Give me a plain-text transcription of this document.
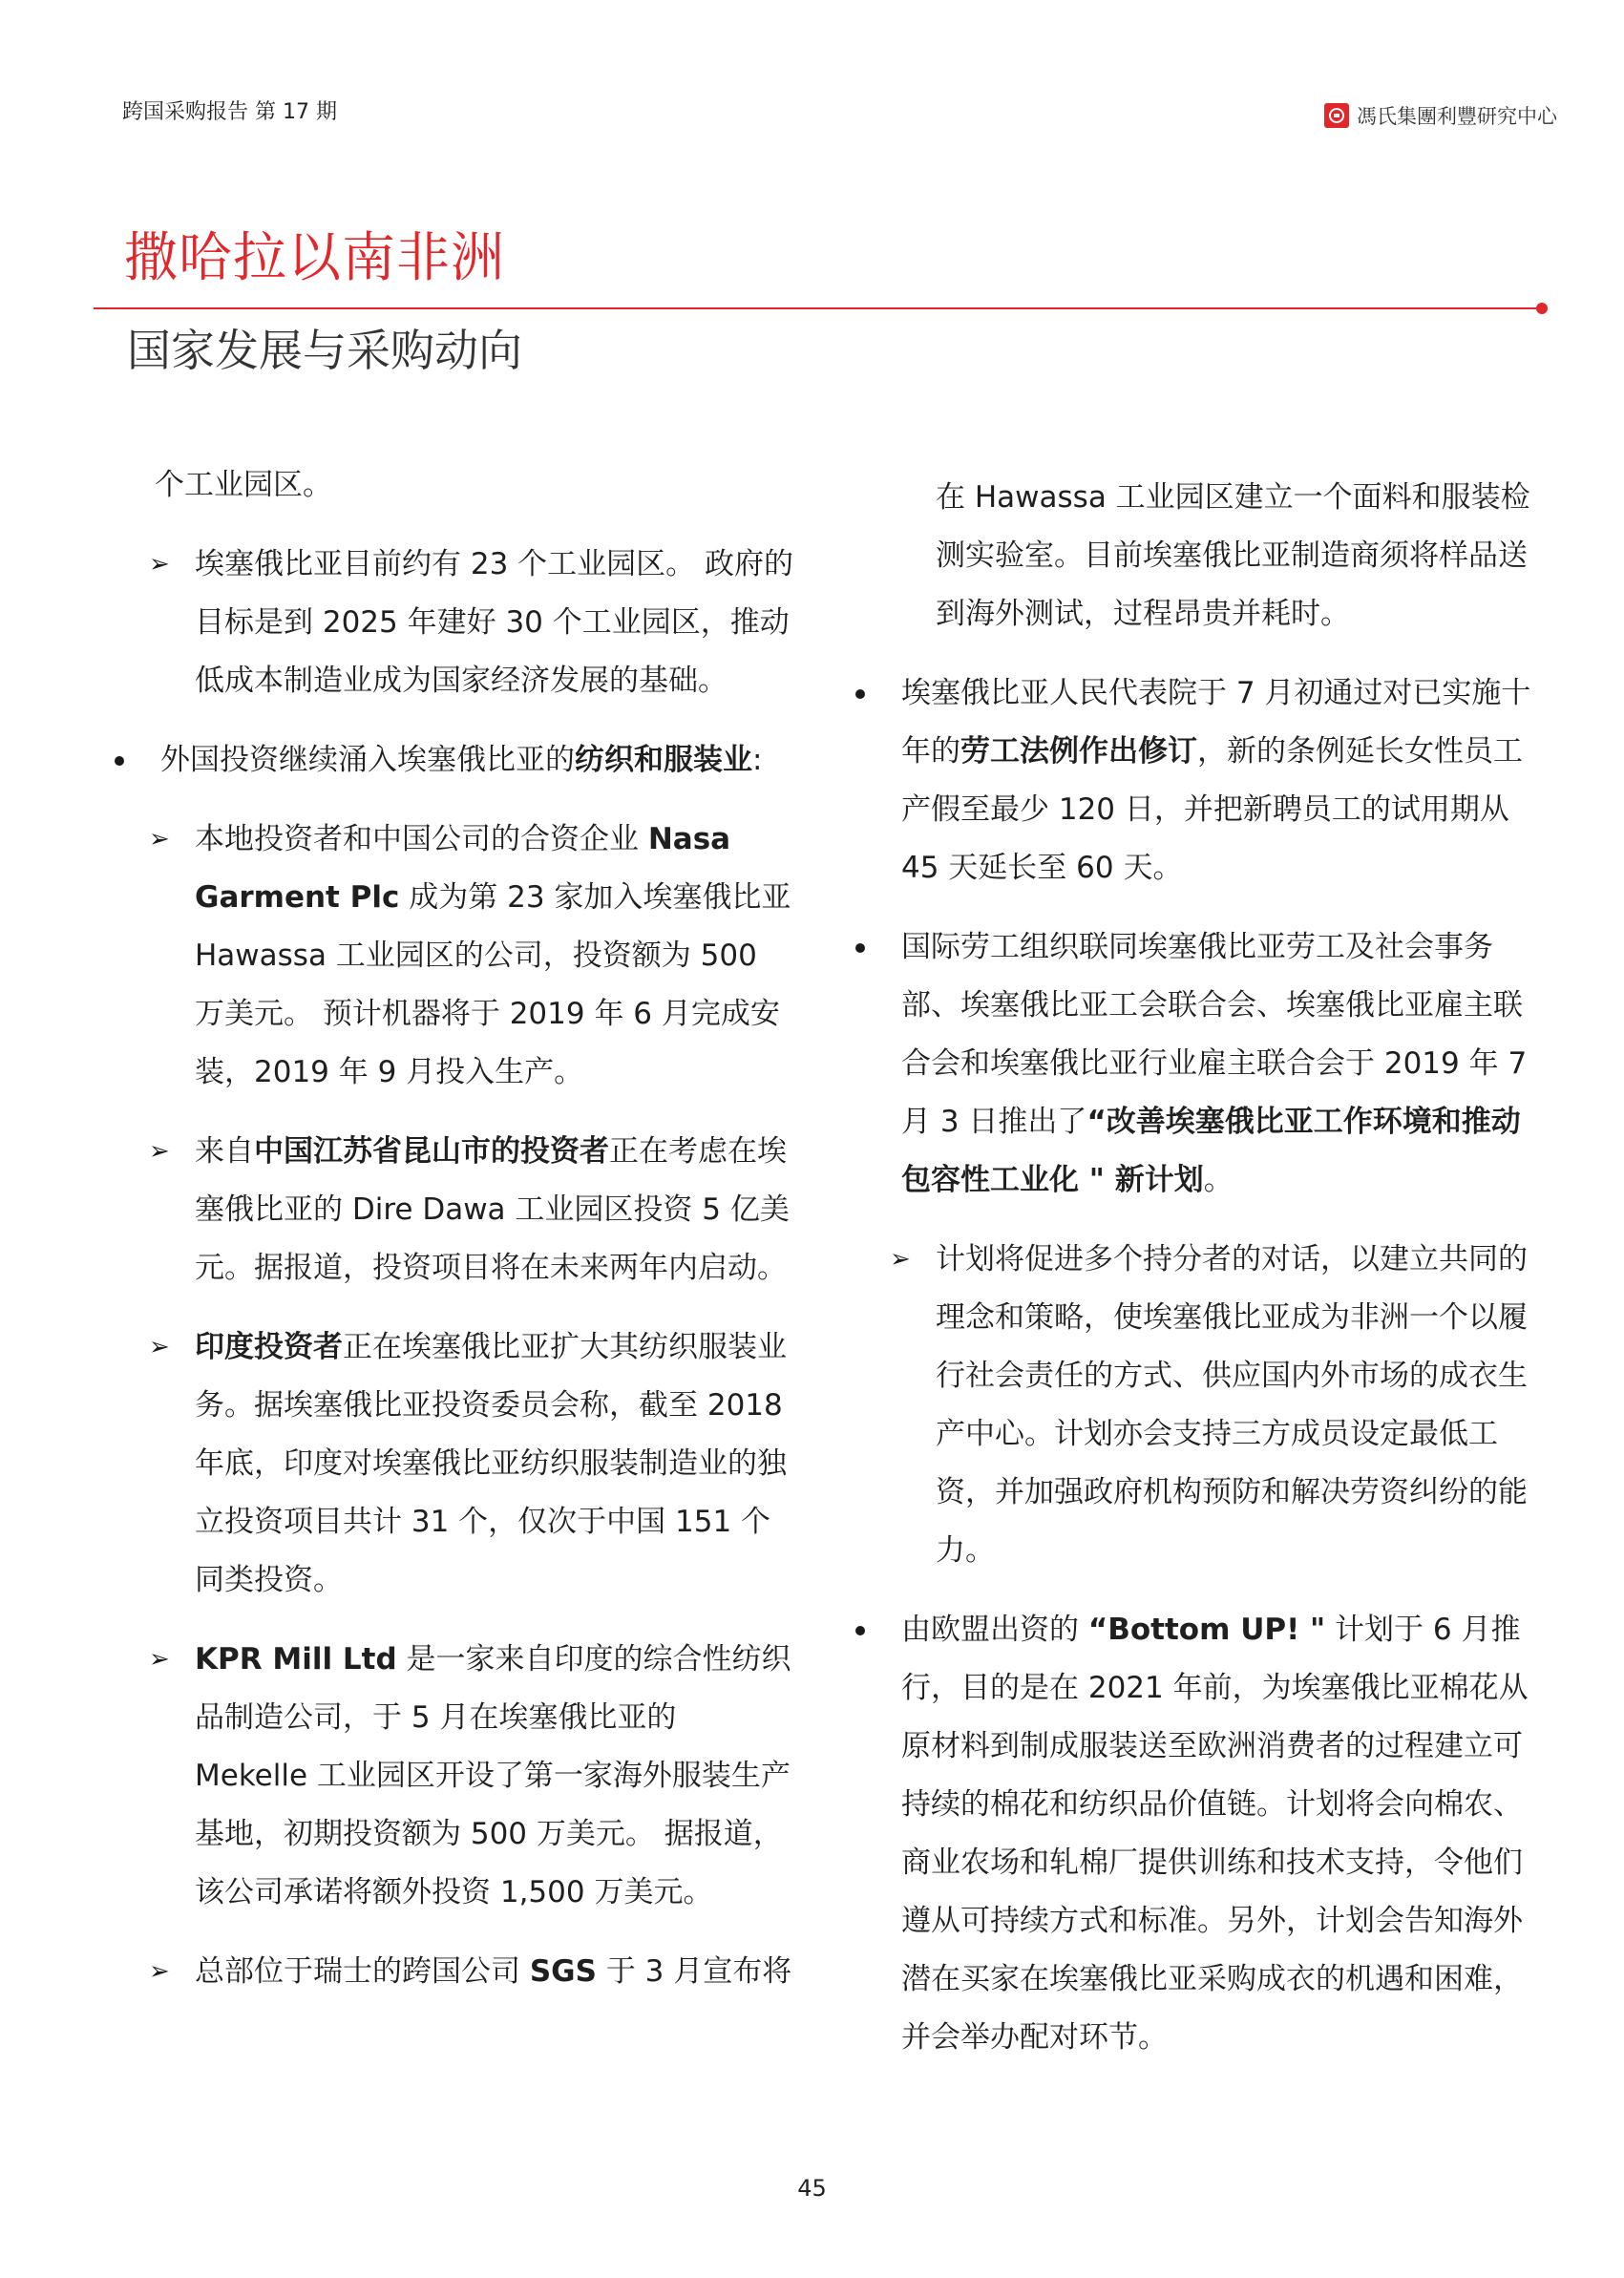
跨国采购报告 第 17 期	馮氏集團利豐研究中心
撒哈拉以南非洲
国家发展与采购动向

个工业园区。

➢ 埃塞俄比亚目前约有 23 个工业园区。 政府的目标是到 2025 年建好 30 个工业园区，推动低成本制造业成为国家经济发展的基础。
外国投资继续涌入埃塞俄比亚的纺织和服装业:
➢ 本地投资者和中国公司的合资企业 Nasa Garment Plc 成为第 23 家加入埃塞俄比亚 Hawassa 工业园区的公司，投资额为 500 万美元。 预计机器将于 2019 年 6 月完成安装，2019 年 9 月投入生产。
➢ 来自中国江苏省昆山市的投资者正在考虑在埃塞俄比亚的 Dire Dawa 工业园区投资 5 亿美元。据报道，投资项目将在未来两年内启动。
➢ 印度投资者正在埃塞俄比亚扩大其纺织服装业务。据埃塞俄比亚投资委员会称，截至 2018 年底，印度对埃塞俄比亚纺织服装制造业的独立投资项目共计 31 个，仅次于中国 151 个同类投资。
➢ KPR Mill Ltd 是一家来自印度的综合性纺织品制造公司，于 5 月在埃塞俄比亚的 Mekelle 工业园区开设了第一家海外服装生产基地，初期投资额为 500 万美元。 据报道，该公司承诺将额外投资 1,500 万美元。
➢ 总部位于瑞士的跨国公司 SGS 于 3 月宣布将

在 Hawassa 工业园区建立一个面料和服装检测实验室。目前埃塞俄比亚制造商须将样品送到海外测试，过程昂贵并耗时。

埃塞俄比亚人民代表院于 7 月初通过对已实施十年的劳工法例作出修订，新的条例延长女性员工产假至最少 120 日，并把新聘员工的试用期从 45 天延长至 60 天。
国际劳工组织联同埃塞俄比亚劳工及社会事务部、埃塞俄比亚工会联合会、埃塞俄比亚雇主联合会和埃塞俄比亚行业雇主联合会于 2019 年 7 月 3 日推出了“改善埃塞俄比亚工作环境和推动包容性工业化 " 新计划。
➢ 计划将促进多个持分者的对话，以建立共同的理念和策略，使埃塞俄比亚成为非洲一个以履行社会责任的方式、供应国内外市场的成衣生产中心。计划亦会支持三方成员设定最低工资，并加强政府机构预防和解决劳资纠纷的能力。
由欧盟出资的 “Bottom UP! " 计划于 6 月推行，目的是在 2021 年前，为埃塞俄比亚棉花从原材料到制成服装送至欧洲消费者的过程建立可持续的棉花和纺织品价值链。计划将会向棉农、商业农场和轧棉厂提供训练和技术支持，令他们遵从可持续方式和标准。另外，计划会告知海外潜在买家在埃塞俄比亚采购成衣的机遇和困难，并会举办配对环节。
45
